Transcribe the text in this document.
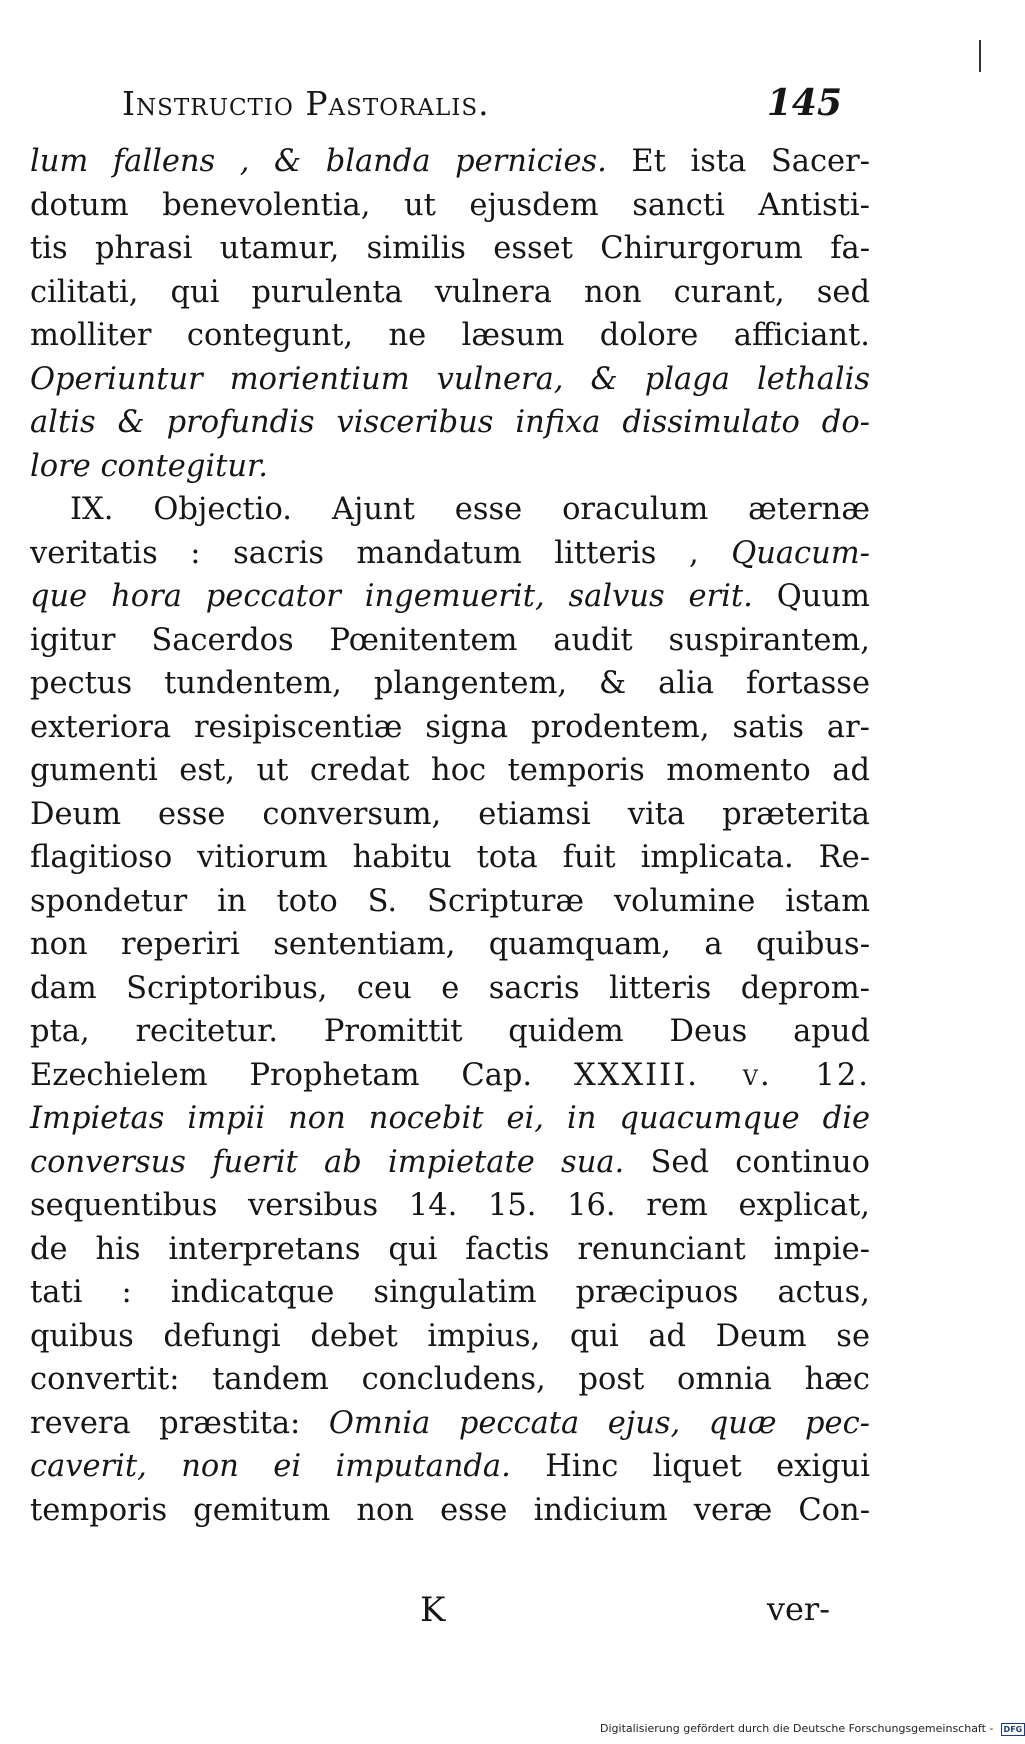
Instructio Pastoralis.	145
lum fallens , & blanda pernicies. Et ista Sacer-
dotum benevolentia, ut ejusdem sancti Antisti-
tis phrasi utamur, similis esset Chirurgorum fa-
cilitati, qui purulenta vulnera non curant, sed
molliter contegunt, ne læsum dolore afficiant.
Operiuntur morientium vulnera, & plaga lethalis
altis & profundis visceribus infixa dissimulato do-
lore contegitur.
IX. Objectio. Ajunt esse oraculum æternæ
veritatis : sacris mandatum litteris , Quacum-
que hora peccator ingemuerit, salvus erit. Quum
igitur Sacerdos Pœnitentem audit suspirantem,
pectus tundentem, plangentem, & alia fortasse
exteriora resipiscentiæ signa prodentem, satis ar-
gumenti est, ut credat hoc temporis momento ad
Deum esse conversum, etiamsi vita præterita
flagitioso vitiorum habitu tota fuit implicata. Re-
spondetur in toto S. Scripturæ volumine istam
non reperiri sententiam, quamquam, a quibus-
dam Scriptoribus, ceu e sacris litteris deprom-
pta, recitetur. Promittit quidem Deus apud
Ezechielem Prophetam Cap. XXXIII. v. 12.
Impietas impii non nocebit ei, in quacumque die
conversus fuerit ab impietate sua. Sed continuo
sequentibus versibus 14. 15. 16. rem explicat,
de his interpretans qui factis renunciant impie-
tati : indicatque singulatim præcipuos actus,
quibus defungi debet impius, qui ad Deum se
convertit: tandem concludens, post omnia hæc
revera præstita: Omnia peccata ejus, quæ pec-
caverit, non ei imputanda. Hinc liquet exigui
temporis gemitum non esse indicium veræ Con-
K	ver-
Digitalisierung gefördert durch die Deutsche Forschungsgemeinschaft - DFG
